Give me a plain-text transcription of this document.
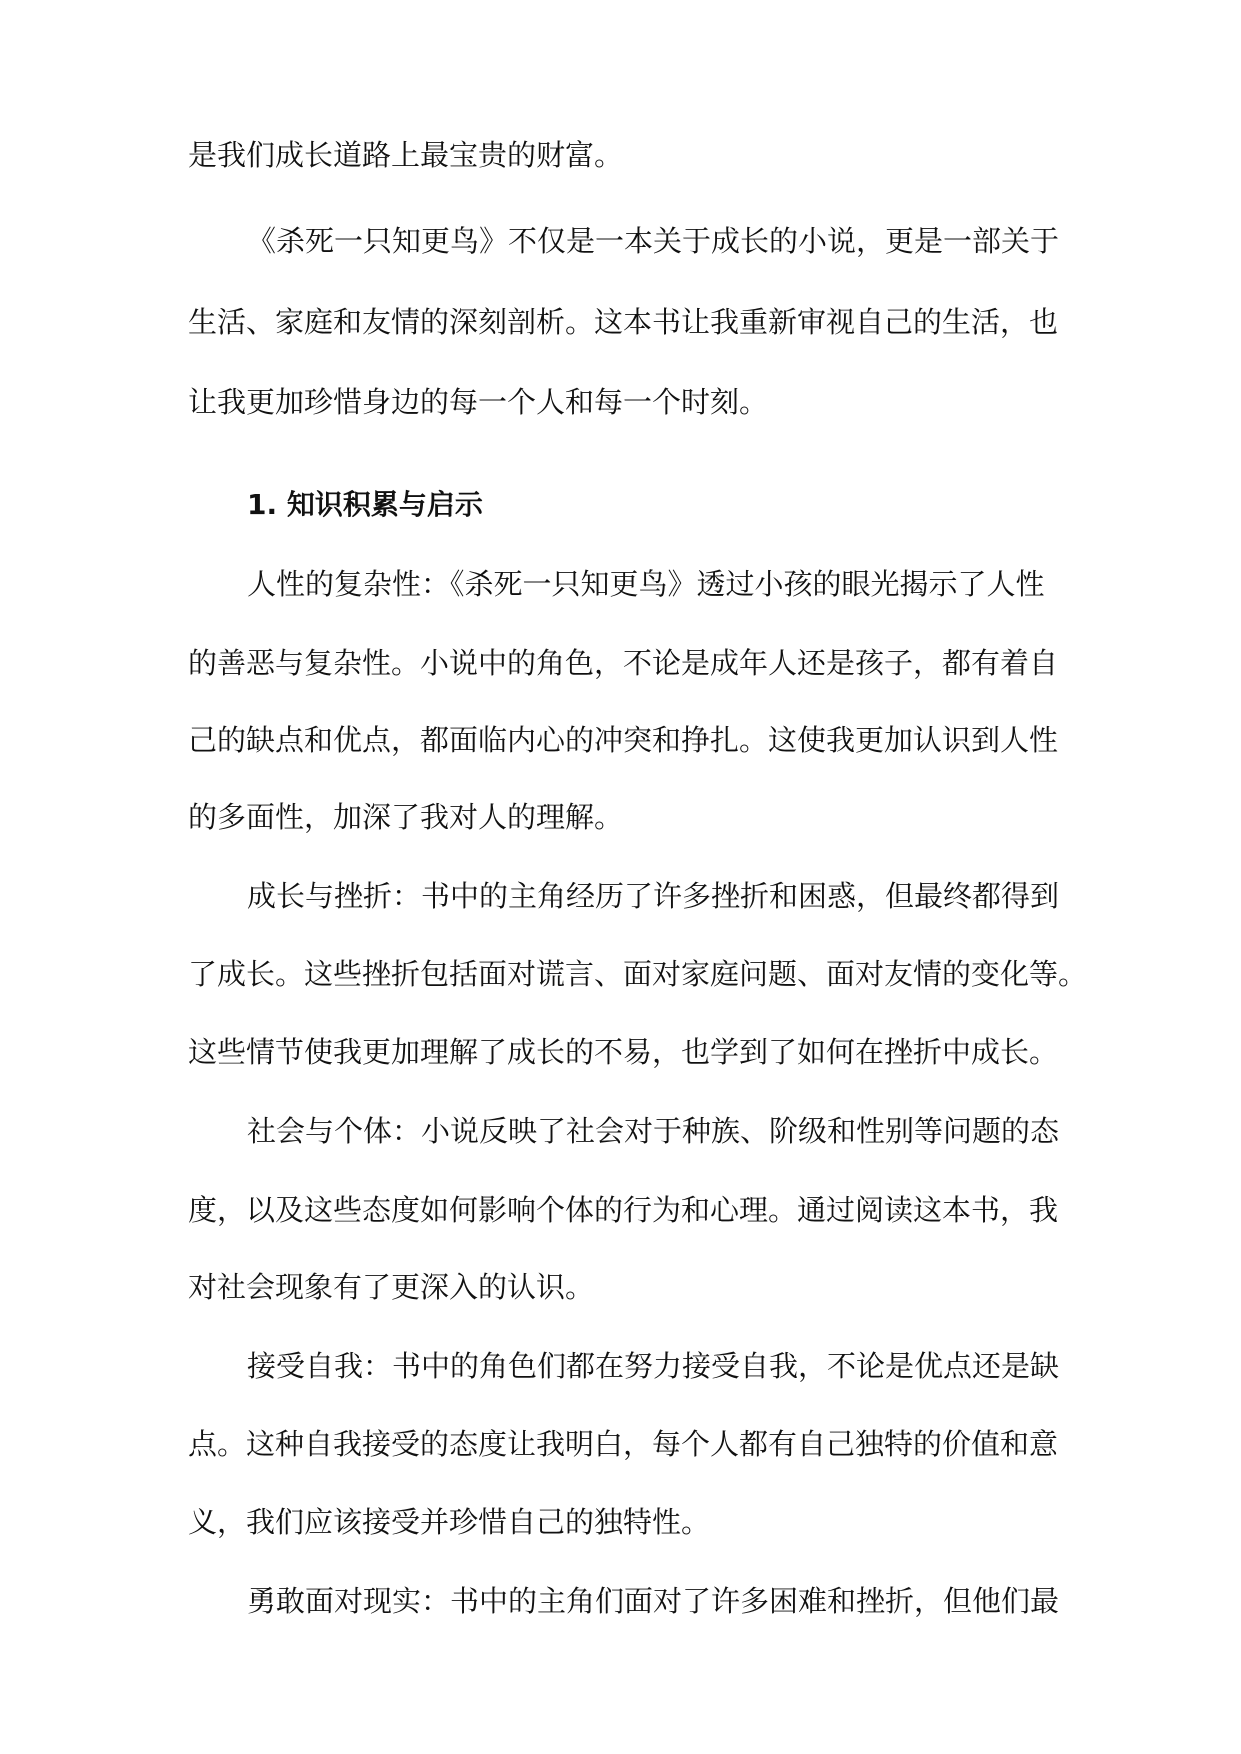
是我们成长道路上最宝贵的财富。
《杀死一只知更鸟》不仅是一本关于成长的小说，更是一部关于
生活、家庭和友情的深刻剖析。这本书让我重新审视自己的生活，也
让我更加珍惜身边的每一个人和每一个时刻。
1. 知识积累与启示
人性的复杂性：《杀死一只知更鸟》透过小孩的眼光揭示了人性
的善恶与复杂性。小说中的角色，不论是成年人还是孩子，都有着自
己的缺点和优点，都面临内心的冲突和挣扎。这使我更加认识到人性
的多面性，加深了我对人的理解。
成长与挫折：书中的主角经历了许多挫折和困惑，但最终都得到
了成长。这些挫折包括面对谎言、面对家庭问题、面对友情的变化等。
这些情节使我更加理解了成长的不易，也学到了如何在挫折中成长。
社会与个体：小说反映了社会对于种族、阶级和性别等问题的态
度，以及这些态度如何影响个体的行为和心理。通过阅读这本书，我
对社会现象有了更深入的认识。
接受自我：书中的角色们都在努力接受自我，不论是优点还是缺
点。这种自我接受的态度让我明白，每个人都有自己独特的价值和意
义，我们应该接受并珍惜自己的独特性。
勇敢面对现实：书中的主角们面对了许多困难和挫折，但他们最
